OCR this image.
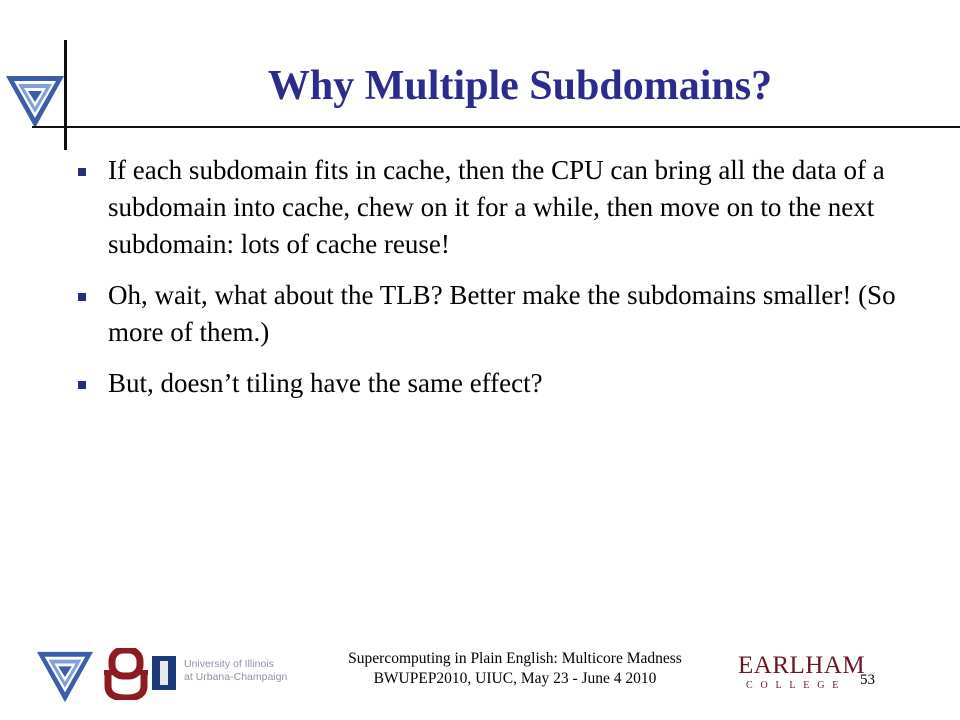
Why Multiple Subdomains?
If each subdomain fits in cache, then the CPU can bring all the data of a subdomain into cache, chew on it for a while, then move on to the next subdomain: lots of cache reuse!
Oh, wait, what about the TLB? Better make the subdomains smaller! (So more of them.)
But, doesn’t tiling have the same effect?
University of Illinois
at Urbana-Champaign
Supercomputing in Plain English: Multicore Madness
BWUPEP2010, UIUC, May 23 - June 4 2010	EARLHAM
COLLEGE 53
